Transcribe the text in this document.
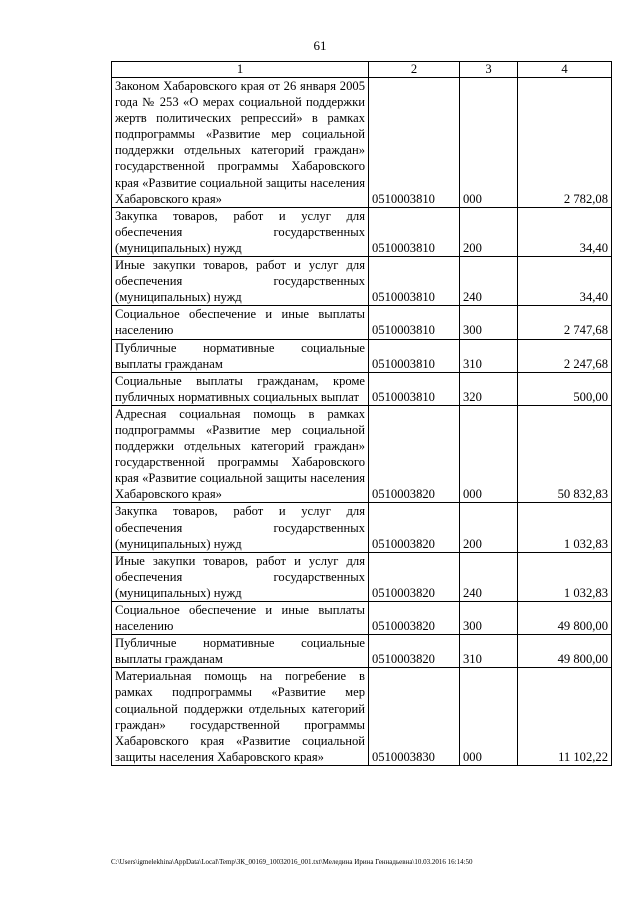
61
1	2	3	4
Законом Хабаровского края от 26 января 2005 года № 253 «О мерах социальной поддержки жертв политических репрессий» в рамках подпрограммы «Развитие мер социальной поддержки отдельных категорий граждан» государственной программы Хабаровского края «Развитие социальной защиты населения Хабаровского края»	0510003810	000	2 782,08
Закупка товаров, работ и услуг для обеспечения государственных (муниципальных) нужд	0510003810	200	34,40
Иные закупки товаров, работ и услуг для обеспечения государственных (муниципальных) нужд	0510003810	240	34,40
Социальное обеспечение и иные выплаты населению	0510003810	300	2 747,68
Публичные нормативные социальные выплаты гражданам	0510003810	310	2 247,68
Социальные выплаты гражданам, кроме публичных нормативных социальных выплат	0510003810	320	500,00
Адресная социальная помощь в рамках подпрограммы «Развитие мер социальной поддержки отдельных категорий граждан» государственной программы Хабаровского края «Развитие социальной защиты населения Хабаровского края»	0510003820	000	50 832,83
Закупка товаров, работ и услуг для обеспечения государственных (муниципальных) нужд	0510003820	200	1 032,83
Иные закупки товаров, работ и услуг для обеспечения государственных (муниципальных) нужд	0510003820	240	1 032,83
Социальное обеспечение и иные выплаты населению	0510003820	300	49 800,00
Публичные нормативные социальные выплаты гражданам	0510003820	310	49 800,00
Материальная помощь на погребение в рамках подпрограммы «Развитие мер социальной поддержки отдельных категорий граждан» государственной программы Хабаровского края «Развитие социальной защиты населения Хабаровского края»	0510003830	000	11 102,22
C:\Users\igmelekhina\AppData\Local\Temp\ЗК_00169_10032016_001.txt\Меледина Ирина Геннадьевна\10.03.2016 16:14:50
